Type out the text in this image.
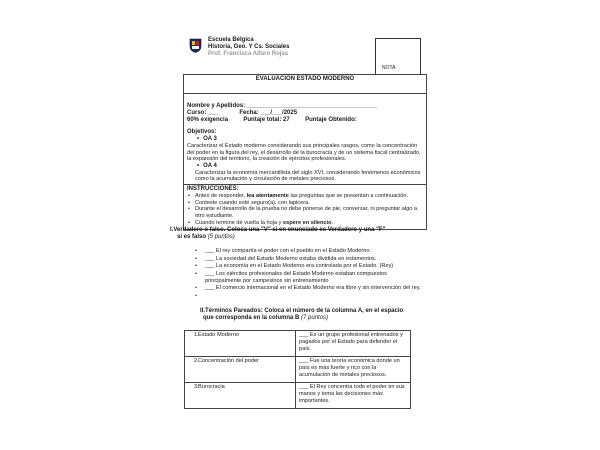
Escuela Bélgica
Historia, Geo. Y Cs. Sociales
Prof. Francisca Alfaro Rojas
NOTA
EVALUACIÓN ESTADO MODERNO
Nombre y Apellidos: _______________________________________
Curso: ___	Fecha: ___/___/2025
60% exigencia	Puntaje total: 27	Puntaje Obtenido:
Objetivos:
• OA 3
Caracterizar el Estado moderno considerando sus principales rasgos, como la concentración del poder en la figura del rey, el desarrollo de la burocracia y de un sistema fiscal centralizado, la expansión del territorio, la creación de ejércitos profesionales.
• OA 4
Caracterizar la economía mercantilista del siglo XVI, considerando fenómenos económicos como la acumulación y circulación de metales preciosos.
INSTRUCCIONES:
• Antes de responder, lea atentamente las preguntas que se presentan a continuación.
• Conteste cuando esté seguro(a), con lapicera.
• Durante el desarrollo de la prueba no debe ponerse de pie, conversar, ni preguntar algo a otro estudiante.
• Cuando termine dé vuelta la hoja y espere en silencio.
I.Verdadero o falso. Coloca una "V" si en enunciado es Verdadero y una "F"
si es falso (5 puntos)
• ___ El rey compartía el poder con el pueblo en el Estado Moderno.
• ___ La sociedad del Estado Moderno estaba dividida en estamentos.
• ___ La economía en el Estado Moderno era controlada por el Estado. (Rey)
• ___ Los ejércitos profesionales del Estado Moderno estaban compuestos principalmente por campesinos sin entrenamiento
• ___ El comercio internacional en el Estado Moderno era libre y sin intervención del rey.
•
II.Términos Pareados: Coloca el número de la columna A, en el espacio
que corresponda en la columna B (7 puntos)
1.Estado Moderno	___ Es un grupo profesional entrenados y pagados por el Estado para defender el país.
2.Concentración del poder	___ Fue una teoría económica donde un país es más fuerte y rico con la acumulación de metales preciosos.
3.Burocracia	___ El Rey concentra todo el poder en sus manos y toma las decisiones más importantes.
